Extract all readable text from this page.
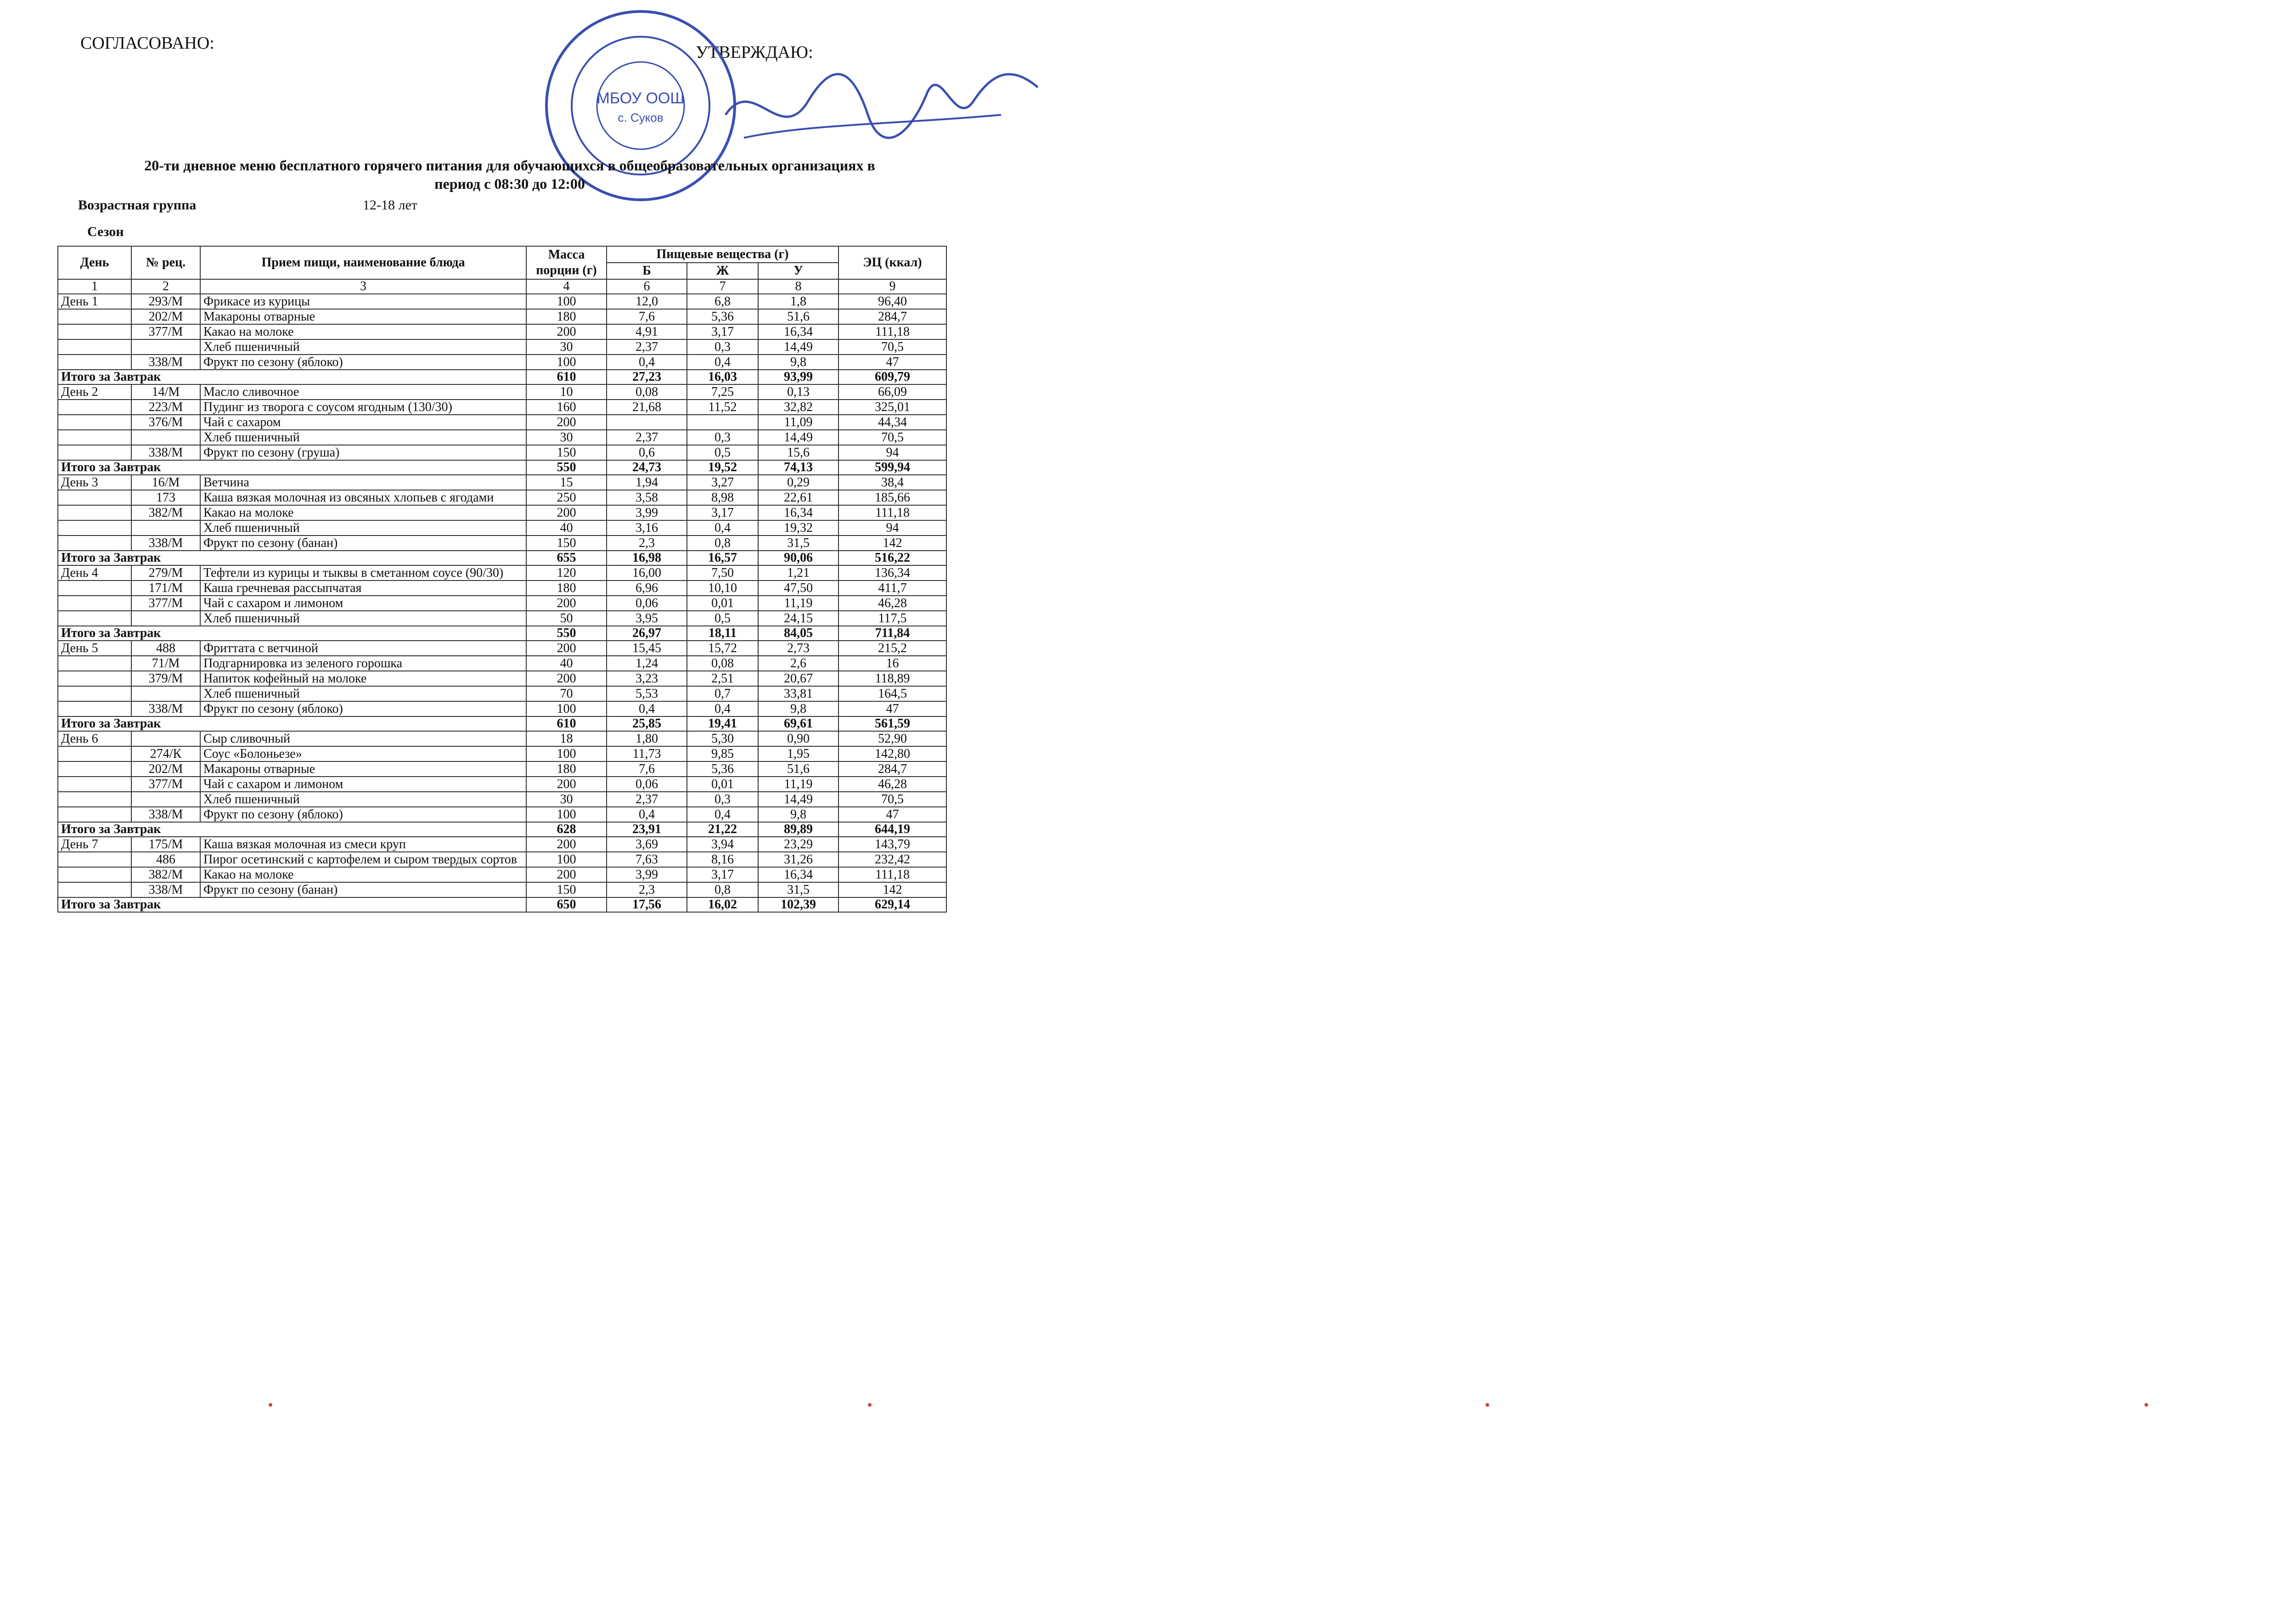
СОГЛАСОВАНО:	УТВЕРЖДАЮ:
МБОУ ООШ
с. Суков
20-ти дневное меню бесплатного горячего питания для обучающихся в общеобразовательных организациях в
период с 08:30 до 12:00
Возрастная группа	12-18 лет
Сезон
День	№ рец.	Прием пищи, наименование блюда	Масса порции (г)	Пищевые вещества (г)			ЭЦ (ккал)
				Б	Ж	У	
1	2	3	4	6	7	8	9
День 1	293/М	Фрикасе из курицы	100	12,0	6,8	1,8	96,40
	202/М	Макароны отварные	180	7,6	5,36	51,6	284,7
	377/М	Какао на молоке	200	4,91	3,17	16,34	111,18
		Хлеб пшеничный	30	2,37	0,3	14,49	70,5
	338/М	Фрукт по сезону (яблоко)	100	0,4	0,4	9,8	47
Итого за Завтрак			610	27,23	16,03	93,99	609,79
День 2	14/М	Масло сливочное	10	0,08	7,25	0,13	66,09
	223/М	Пудинг из творога с соусом ягодным (130/30)	160	21,68	11,52	32,82	325,01
	376/М	Чай с сахаром	200			11,09	44,34
		Хлеб пшеничный	30	2,37	0,3	14,49	70,5
	338/М	Фрукт по сезону (груша)	150	0,6	0,5	15,6	94
Итого за Завтрак			550	24,73	19,52	74,13	599,94
День 3	16/М	Ветчина	15	1,94	3,27	0,29	38,4
	173	Каша вязкая молочная из овсяных хлопьев с ягодами	250	3,58	8,98	22,61	185,66
	382/М	Какао на молоке	200	3,99	3,17	16,34	111,18
		Хлеб пшеничный	40	3,16	0,4	19,32	94
	338/М	Фрукт по сезону (банан)	150	2,3	0,8	31,5	142
Итого за Завтрак			655	16,98	16,57	90,06	516,22
День 4	279/М	Тефтели из курицы и тыквы в сметанном соусе (90/30)	120	16,00	7,50	1,21	136,34
	171/М	Каша гречневая рассыпчатая	180	6,96	10,10	47,50	411,7
	377/М	Чай с сахаром и лимоном	200	0,06	0,01	11,19	46,28
		Хлеб пшеничный	50	3,95	0,5	24,15	117,5
Итого за Завтрак			550	26,97	18,11	84,05	711,84
День 5	488	Фриттата с ветчиной	200	15,45	15,72	2,73	215,2
	71/М	Подгарнировка из зеленого горошка	40	1,24	0,08	2,6	16
	379/М	Напиток кофейный на молоке	200	3,23	2,51	20,67	118,89
		Хлеб пшеничный	70	5,53	0,7	33,81	164,5
	338/М	Фрукт по сезону (яблоко)	100	0,4	0,4	9,8	47
Итого за Завтрак			610	25,85	19,41	69,61	561,59
День 6		Сыр сливочный	18	1,80	5,30	0,90	52,90
	274/К	Соус «Болоньезе»	100	11,73	9,85	1,95	142,80
	202/М	Макароны отварные	180	7,6	5,36	51,6	284,7
	377/М	Чай с сахаром и лимоном	200	0,06	0,01	11,19	46,28
		Хлеб пшеничный	30	2,37	0,3	14,49	70,5
	338/М	Фрукт по сезону (яблоко)	100	0,4	0,4	9,8	47
Итого за Завтрак			628	23,91	21,22	89,89	644,19
День 7	175/М	Каша вязкая молочная из смеси круп	200	3,69	3,94	23,29	143,79
	486	Пирог осетинский с картофелем и сыром твердых сортов	100	7,63	8,16	31,26	232,42
	382/М	Какао на молоке	200	3,99	3,17	16,34	111,18
	338/М	Фрукт по сезону (банан)	150	2,3	0,8	31,5	142
Итого за Завтрак			650	17,56	16,02	102,39	629,14
